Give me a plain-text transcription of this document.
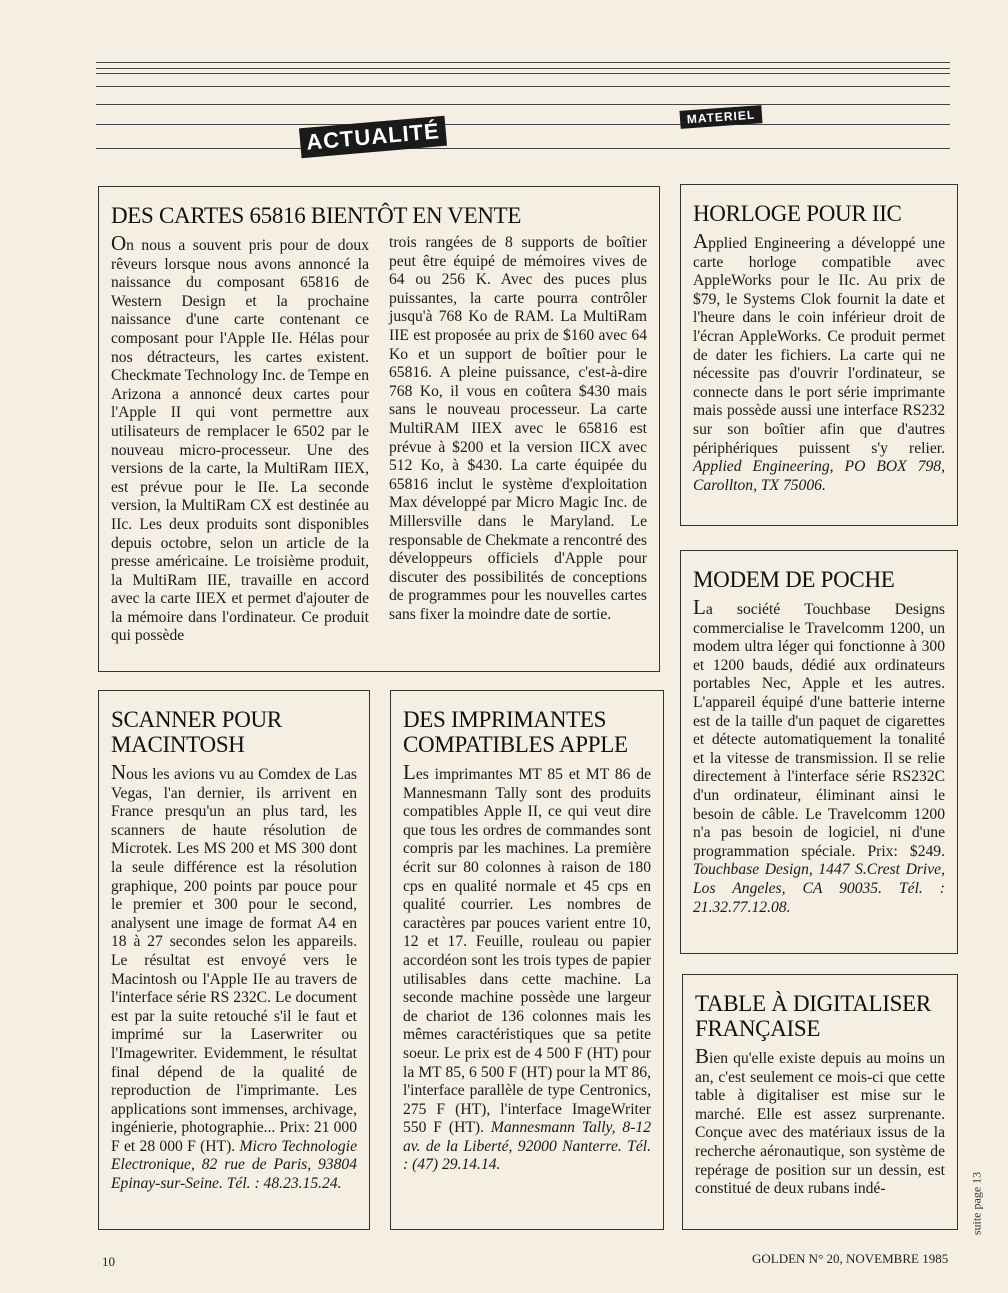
ACTUALITÉ
MATERIEL
DES CARTES 65816 BIENTÔT EN VENTE

On nous a souvent pris pour de doux rêveurs lorsque nous avons annoncé la naissance du composant 65816 de Western Design et la prochaine naissance d'une carte contenant ce composant pour l'Apple IIe. Hélas pour nos détracteurs, les cartes existent. Checkmate Technology Inc. de Tempe en Arizona a annoncé deux cartes pour l'Apple II qui vont permettre aux utilisateurs de remplacer le 6502 par le nouveau micro-processeur. Une des versions de la carte, la MultiRam IIEX, est prévue pour le IIe. La seconde version, la MultiRam CX est destinée au IIc. Les deux produits sont disponibles depuis octobre, selon un article de la presse américaine. Le troisième produit, la MultiRam IIE, travaille en accord avec la carte IIEX et permet d'ajouter de la mémoire dans l'ordinateur. Ce produit qui possède

trois rangées de 8 supports de boîtier peut être équipé de mémoires vives de 64 ou 256 K. Avec des puces plus puissantes, la carte pourra contrôler jusqu'à 768 Ko de RAM. La MultiRam IIE est proposée au prix de $160 avec 64 Ko et un support de boîtier pour le 65816. A pleine puissance, c'est-à-dire 768 Ko, il vous en coûtera $430 mais sans le nouveau processeur. La carte MultiRAM IIEX avec le 65816 est prévue à $200 et la version IICX avec 512 Ko, à $430. La carte équipée du 65816 inclut le système d'exploitation Max développé par Micro Magic Inc. de Millersville dans le Maryland. Le responsable de Chekmate a rencontré des développeurs officiels d'Apple pour discuter des possibilités de conceptions de programmes pour les nouvelles cartes sans fixer la moindre date de sortie.

HORLOGE POUR IIC

Applied Engineering a développé une carte horloge compatible avec AppleWorks pour le IIc. Au prix de $79, le Systems Clok fournit la date et l'heure dans le coin inférieur droit de l'écran AppleWorks. Ce produit permet de dater les fichiers. La carte qui ne nécessite pas d'ouvrir l'ordinateur, se connecte dans le port série imprimante mais possède aussi une interface RS232 sur son boîtier afin que d'autres périphériques puissent s'y relier. Applied Engineering, PO BOX 798, Carollton, TX 75006.

MODEM DE POCHE

La société Touchbase Designs commercialise le Travelcomm 1200, un modem ultra léger qui fonctionne à 300 et 1200 bauds, dédié aux ordinateurs portables Nec, Apple et les autres. L'appareil équipé d'une batterie interne est de la taille d'un paquet de cigarettes et détecte automatiquement la tonalité et la vitesse de transmission. Il se relie directement à l'interface série RS232C d'un ordinateur, éliminant ainsi le besoin de câble. Le Travelcomm 1200 n'a pas besoin de logiciel, ni d'une programmation spéciale. Prix: $249. Touchbase Design, 1447 S.Crest Drive, Los Angeles, CA 90035. Tél. : 21.32.77.12.08.

SCANNER POUR MACINTOSH

Nous les avions vu au Comdex de Las Vegas, l'an dernier, ils arrivent en France presqu'un an plus tard, les scanners de haute résolution de Microtek. Les MS 200 et MS 300 dont la seule différence est la résolution graphique, 200 points par pouce pour le premier et 300 pour le second, analysent une image de format A4 en 18 à 27 secondes selon les appareils. Le résultat est envoyé vers le Macintosh ou l'Apple IIe au travers de l'interface série RS 232C. Le document est par la suite retouché s'il le faut et imprimé sur la Laserwriter ou l'Imagewriter. Evidemment, le résultat final dépend de la qualité de reproduction de l'imprimante. Les applications sont immenses, archivage, ingénierie, photographie... Prix: 21 000 F et 28 000 F (HT). Micro Technologie Electronique, 82 rue de Paris, 93804 Epinay-sur-Seine. Tél. : 48.23.15.24.

DES IMPRIMANTES COMPATIBLES APPLE

Les imprimantes MT 85 et MT 86 de Mannesmann Tally sont des produits compatibles Apple II, ce qui veut dire que tous les ordres de commandes sont compris par les machines. La première écrit sur 80 colonnes à raison de 180 cps en qualité normale et 45 cps en qualité courrier. Les nombres de caractères par pouces varient entre 10, 12 et 17. Feuille, rouleau ou papier accordéon sont les trois types de papier utilisables dans cette machine. La seconde machine possède une largeur de chariot de 136 colonnes mais les mêmes caractéristiques que sa petite soeur. Le prix est de 4 500 F (HT) pour la MT 85, 6 500 F (HT) pour la MT 86, l'interface parallèle de type Centronics, 275 F (HT), l'interface ImageWriter 550 F (HT). Mannesmann Tally, 8-12 av. de la Liberté, 92000 Nanterre. Tél. : (47) 29.14.14.

TABLE À DIGITALISER FRANÇAISE

Bien qu'elle existe depuis au moins un an, c'est seulement ce mois-ci que cette table à digitaliser est mise sur le marché. Elle est assez surprenante. Conçue avec des matériaux issus de la recherche aéronautique, son système de repérage de position sur un dessin, est constitué de deux rubans indé-	suite page 13
10	GOLDEN N° 20, NOVEMBRE 1985
